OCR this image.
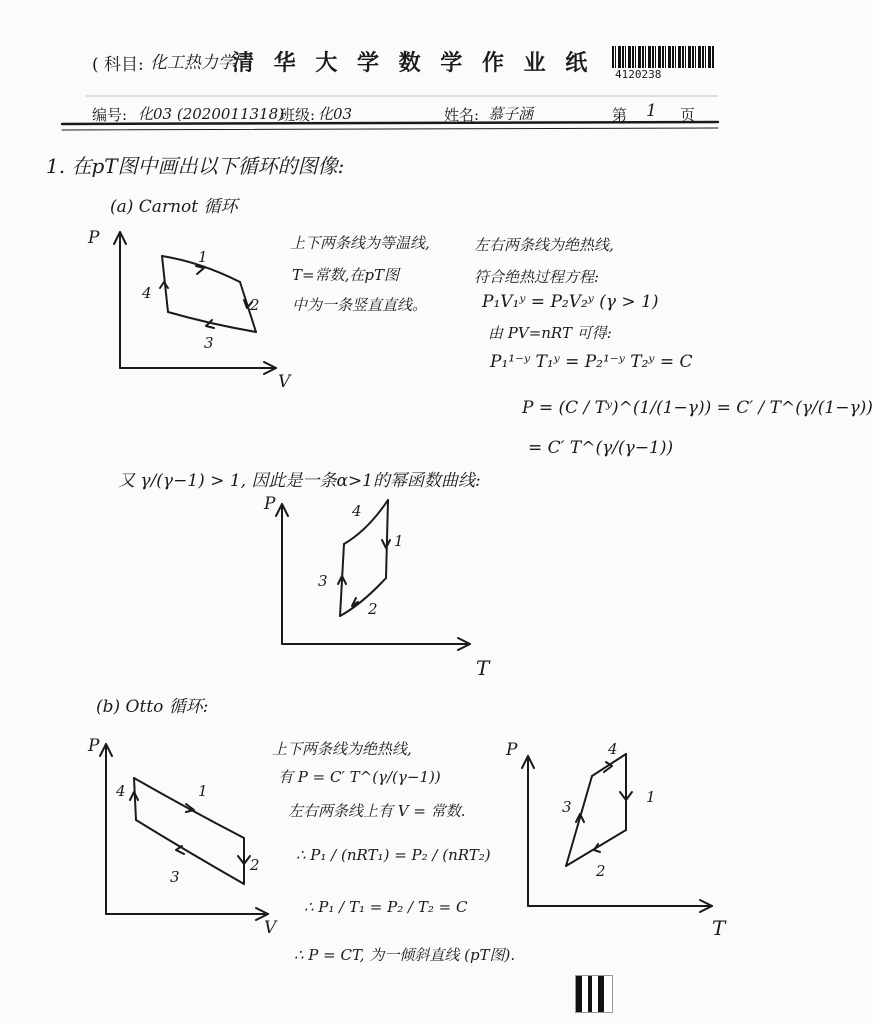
( 科目: 化工热力学
清 华 大 学 数 学 作 业 纸 4120238
编号: 化03 (2020011318)
班级: 化03	姓名: 慕子涵	第 1 页
1. 在pT图中画出以下循环的图像:
(a) Carnot 循环
P
V
1
2
3
4
上下两条线为等温线,
T=常数,在pT图
中为一条竖直直线。
左右两条线为绝热线,
符合绝热过程方程:
P₁V₁ʸ = P₂V₂ʸ (γ > 1)
由 PV=nRT 可得:
P₁¹⁻ʸ T₁ʸ = P₂¹⁻ʸ T₂ʸ = C
P = (C / Tʸ)^(1/(1−γ)) = C′ / T^(γ/(1−γ))
= C′ T^(γ/(γ−1))
又 γ/(γ−1) > 1, 因此是一条α>1的幂函数曲线:
P
T
4
1
3
2
(b) Otto 循环:
P
V
4	1
2
3
上下两条线为绝热线,
有 P = C′ T^(γ/(γ−1))
左右两条线上有 V = 常数.
∴ P₁ / (nRT₁) = P₂ / (nRT₂)
∴ P₁ / T₁ = P₂ / T₂ = C
∴ P = CT, 为一倾斜直线 (pT图).
P
T
4
1
3
2
